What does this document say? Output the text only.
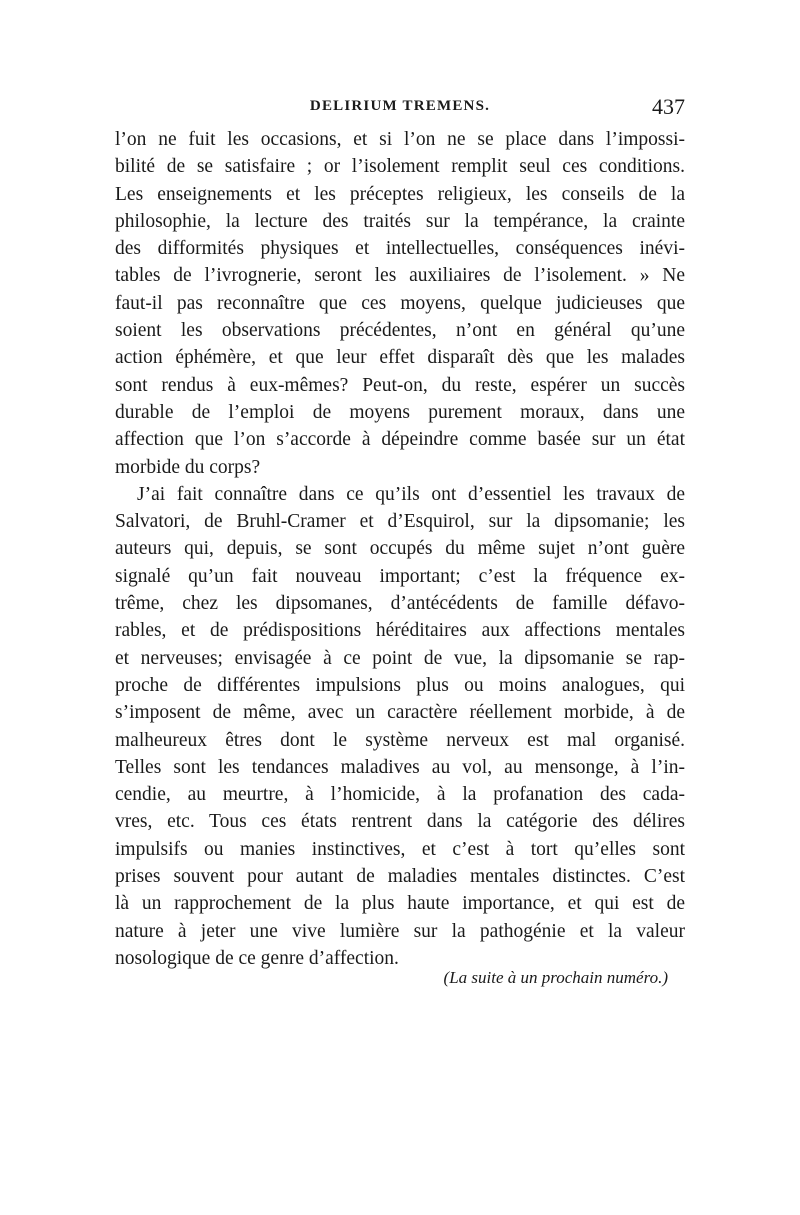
DELIRIUM TREMENS.	437
l’on ne fuit les occasions, et si l’on ne se place dans l’impossi-
bilité de se satisfaire ; or l’isolement remplit seul ces conditions.
Les enseignements et les préceptes religieux, les conseils de la
philosophie, la lecture des traités sur la tempérance, la crainte
des difformités physiques et intellectuelles, conséquences inévi-
tables de l’ivrognerie, seront les auxiliaires de l’isolement. » Ne
faut-il pas reconnaître que ces moyens, quelque judicieuses que
soient les observations précédentes, n’ont en général qu’une
action éphémère, et que leur effet disparaît dès que les malades
sont rendus à eux-mêmes? Peut-on, du reste, espérer un succès
durable de l’emploi de moyens purement moraux, dans une
affection que l’on s’accorde à dépeindre comme basée sur un état
morbide du corps?
J’ai fait connaître dans ce qu’ils ont d’essentiel les travaux de
Salvatori, de Bruhl-Cramer et d’Esquirol, sur la dipsomanie; les
auteurs qui, depuis, se sont occupés du même sujet n’ont guère
signalé qu’un fait nouveau important; c’est la fréquence ex-
trême, chez les dipsomanes, d’antécédents de famille défavo-
rables, et de prédispositions héréditaires aux affections mentales
et nerveuses; envisagée à ce point de vue, la dipsomanie se rap-
proche de différentes impulsions plus ou moins analogues, qui
s’imposent de même, avec un caractère réellement morbide, à de
malheureux êtres dont le système nerveux est mal organisé.
Telles sont les tendances maladives au vol, au mensonge, à l’in-
cendie, au meurtre, à l’homicide, à la profanation des cada-
vres, etc. Tous ces états rentrent dans la catégorie des délires
impulsifs ou manies instinctives, et c’est à tort qu’elles sont
prises souvent pour autant de maladies mentales distinctes. C’est
là un rapprochement de la plus haute importance, et qui est de
nature à jeter une vive lumière sur la pathogénie et la valeur
nosologique de ce genre d’affection.
(La suite à un prochain numéro.)
